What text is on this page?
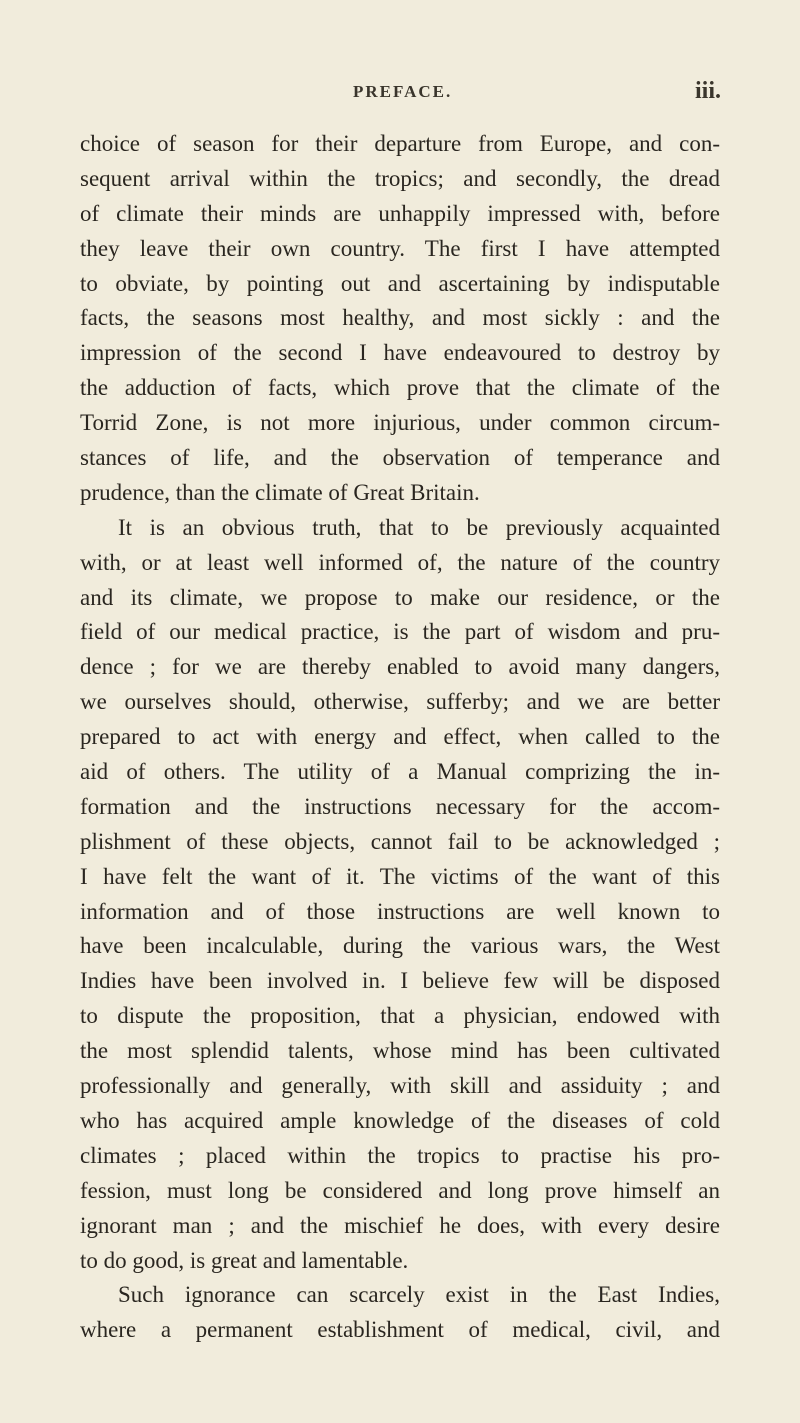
PREFACE.	iii.
choice of season for their departure from Europe, and con-
sequent arrival within the tropics; and secondly, the dread
of climate their minds are unhappily impressed with, before
they leave their own country. The first I have attempted
to obviate, by pointing out and ascertaining by indisputable
facts, the seasons most healthy, and most sickly : and the
impression of the second I have endeavoured to destroy by
the adduction of facts, which prove that the climate of the
Torrid Zone, is not more injurious, under common circum-
stances of life, and the observation of temperance and
prudence, than the climate of Great Britain.
It is an obvious truth, that to be previously acquainted
with, or at least well informed of, the nature of the country
and its climate, we propose to make our residence, or the
field of our medical practice, is the part of wisdom and pru-
dence ; for we are thereby enabled to avoid many dangers,
we ourselves should, otherwise, sufferby; and we are better
prepared to act with energy and effect, when called to the
aid of others. The utility of a Manual comprizing the in-
formation and the instructions necessary for the accom-
plishment of these objects, cannot fail to be acknowledged ;
I have felt the want of it. The victims of the want of this
information and of those instructions are well known to
have been incalculable, during the various wars, the West
Indies have been involved in. I believe few will be disposed
to dispute the proposition, that a physician, endowed with
the most splendid talents, whose mind has been cultivated
professionally and generally, with skill and assiduity ; and
who has acquired ample knowledge of the diseases of cold
climates ; placed within the tropics to practise his pro-
fession, must long be considered and long prove himself an
ignorant man ; and the mischief he does, with every desire
to do good, is great and lamentable.
Such ignorance can scarcely exist in the East Indies,
where a permanent establishment of medical, civil, and
